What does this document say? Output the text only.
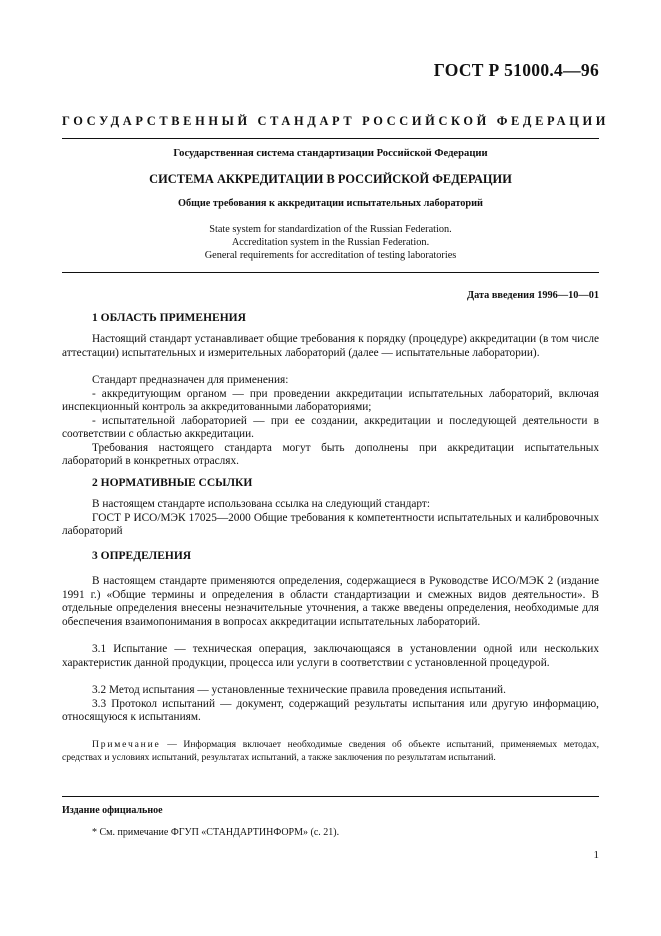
ГОСТ Р 51000.4—96
ГОСУДАРСТВЕННЫЙ СТАНДАРТ РОССИЙСКОЙ ФЕДЕРАЦИИ
Государственная система стандартизации Российской Федерации
СИСТЕМА АККРЕДИТАЦИИ В РОССИЙСКОЙ ФЕДЕРАЦИИ
Общие требования к аккредитации испытательных лабораторий
State system for standardization of the Russian Federation.
Accreditation system in the Russian Federation.
General requirements for accreditation of testing laboratories
Дата введения 1996—10—01
1 ОБЛАСТЬ ПРИМЕНЕНИЯ
Настоящий стандарт устанавливает общие требования к порядку (процедуре) аккредитации (в том числе аттестации) испытательных и измерительных лабораторий (далее — испытательные лаборатории).
Стандарт предназначен для применения:
- аккредитующим органом — при проведении аккредитации испытательных лабораторий, включая инспекционный контроль за аккредитованными лабораториями;
- испытательной лабораторией — при ее создании, аккредитации и последующей деятельности в соответствии с областью аккредитации.
Требования настоящего стандарта могут быть дополнены при аккредитации испытательных лабораторий в конкретных отраслях.
2 НОРМАТИВНЫЕ ССЫЛКИ
В настоящем стандарте использована ссылка на следующий стандарт:
ГОСТ Р ИСО/МЭК 17025—2000 Общие требования к компетентности испытательных и калибровочных лабораторий
3 ОПРЕДЕЛЕНИЯ
В настоящем стандарте применяются определения, содержащиеся в Руководстве ИСО/МЭК 2 (издание 1991 г.) «Общие термины и определения в области стандартизации и смежных видов деятельности». В отдельные определения внесены незначительные уточнения, а также введены определения, необходимые для обеспечения взаимопонимания в вопросах аккредитации испытательных лабораторий.
3.1 Испытание — техническая операция, заключающаяся в установлении одной или нескольких характеристик данной продукции, процесса или услуги в соответствии с установленной процедурой.
3.2 Метод испытания — установленные технические правила проведения испытаний.
3.3 Протокол испытаний — документ, содержащий результаты испытания или другую информацию, относящуюся к испытаниям.
Примечание — Информация включает необходимые сведения об объекте испытаний, применяемых методах, средствах и условиях испытаний, результатах испытаний, а также заключения по результатам испытаний.
Издание официальное
* См. примечание ФГУП «СТАНДАРТИНФОРМ» (с. 21).
1
